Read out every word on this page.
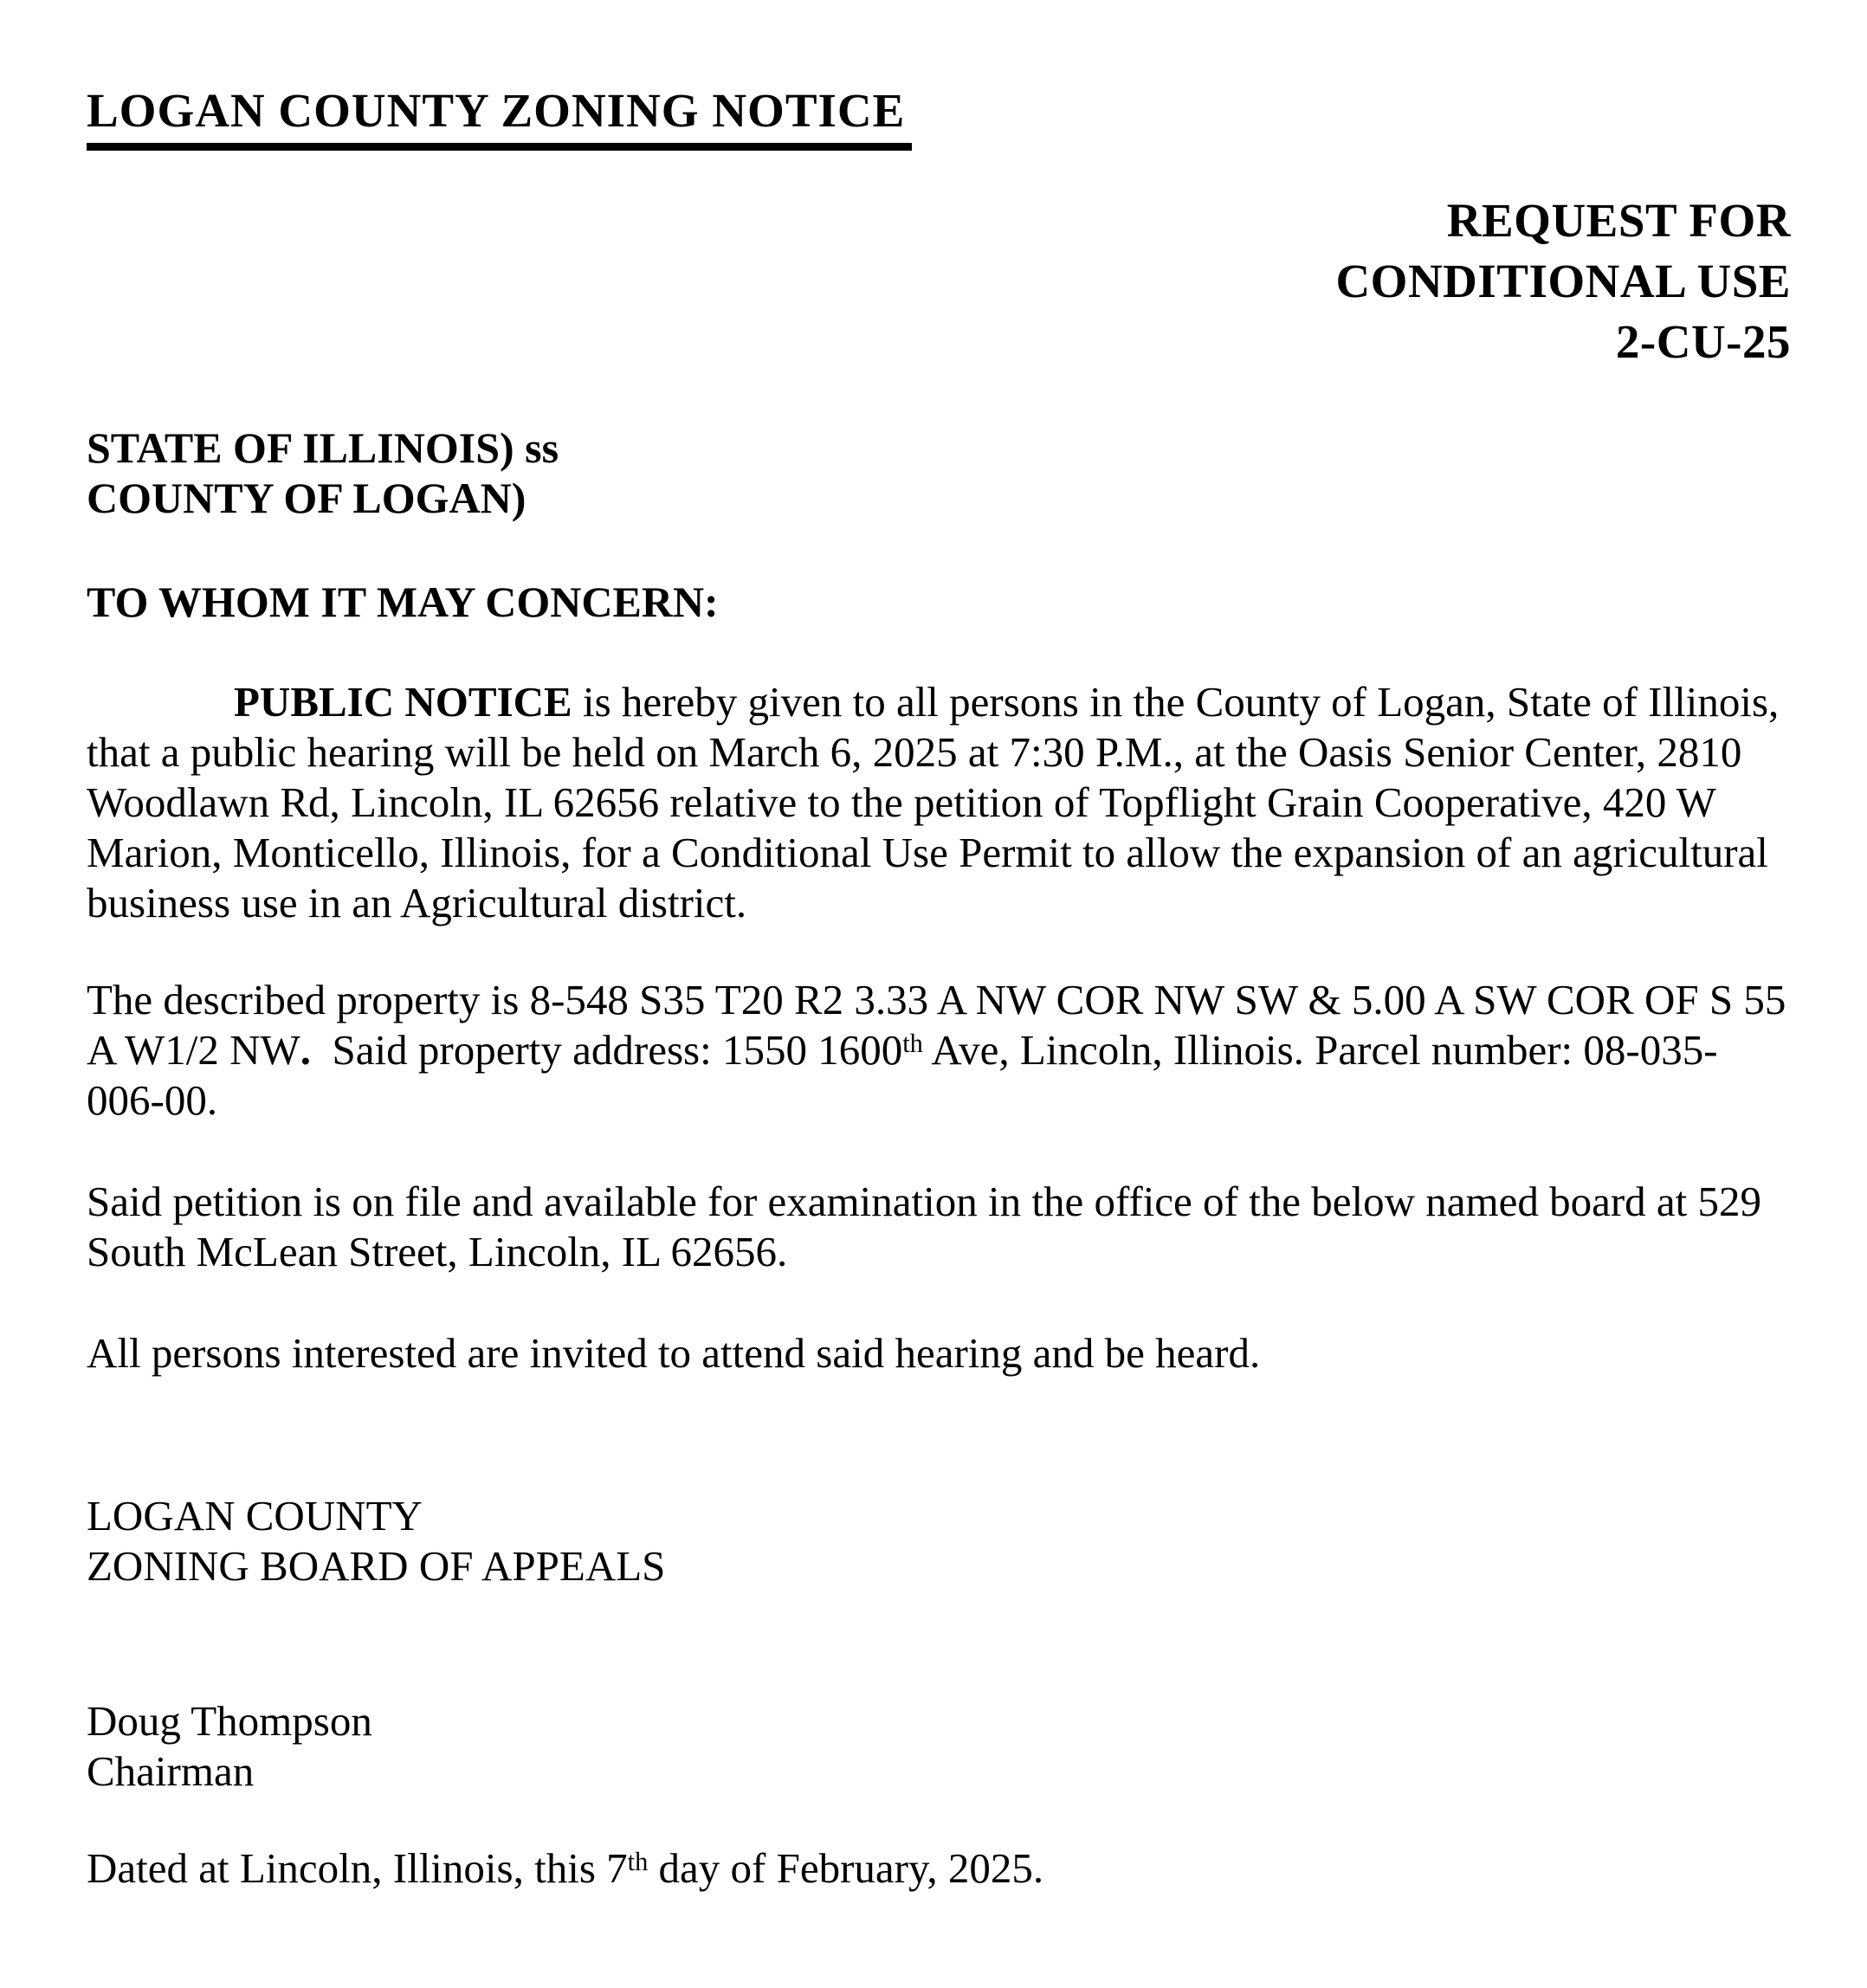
LOGAN COUNTY ZONING NOTICE
REQUEST FOR
CONDITIONAL USE
2-CU-25
STATE OF ILLINOIS) ss
COUNTY OF LOGAN)
TO WHOM IT MAY CONCERN:

PUBLIC NOTICE is hereby given to all persons in the County of Logan, State of Illinois, that a public hearing will be held on March 6, 2025 at 7:30 P.M., at the Oasis Senior Center, 2810 Woodlawn Rd, Lincoln, IL 62656 relative to the petition of Topflight Grain Cooperative, 420 W Marion, Monticello, Illinois, for a Conditional Use Permit to allow the expansion of an agricultural business use in an Agricultural district.

The described property is 8-548 S35 T20 R2 3.33 A NW COR NW SW & 5.00 A SW COR OF S 55 A W1/2 NW.  Said property address: 1550 1600th Ave, Lincoln, Illinois. Parcel number: 08-035-006-00.

Said petition is on file and available for examination in the office of the below named board at 529 South McLean Street, Lincoln, IL 62656.

All persons interested are invited to attend said hearing and be heard.

LOGAN COUNTY
ZONING BOARD OF APPEALS
Doug Thompson
Chairman

Dated at Lincoln, Illinois, this 7th day of February, 2025.
